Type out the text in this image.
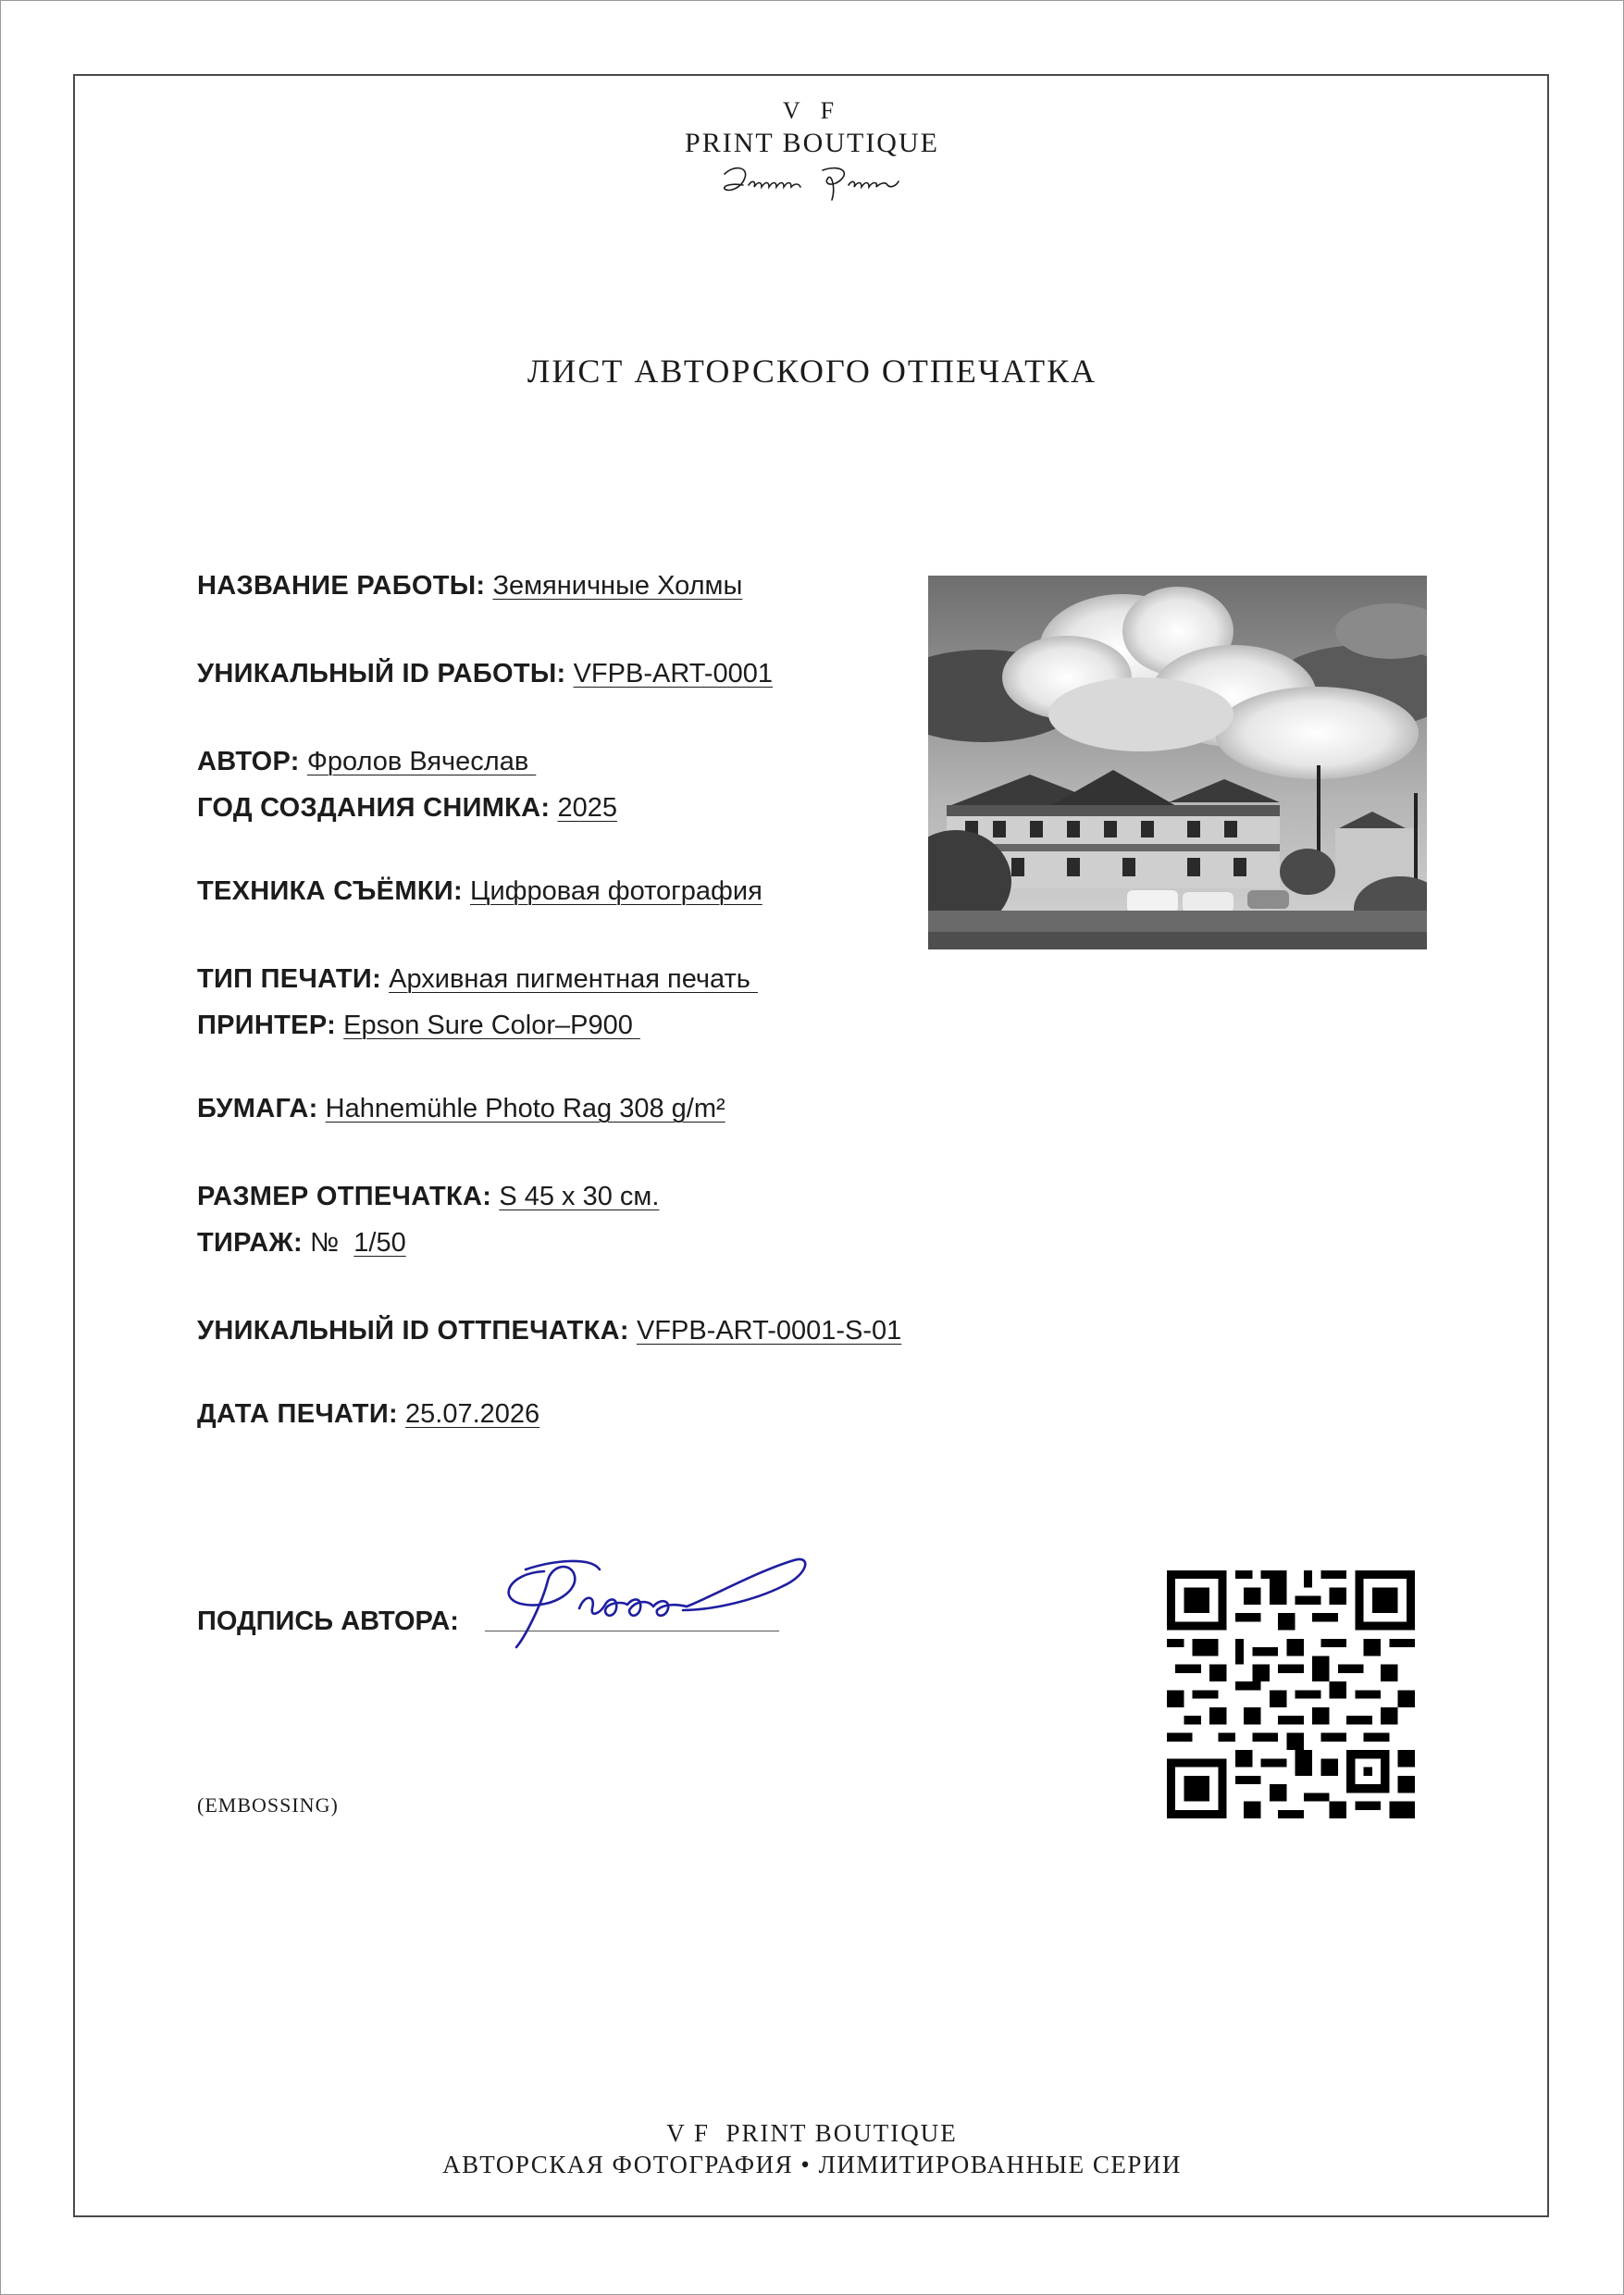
V F
PRINT BOUTIQUE
ЛИСТ АВТОРСКОГО ОТПЕЧАТКА
НАЗВАНИЕ РАБОТЫ: Земяничные Холмы
УНИКАЛЬНЫЙ ID РАБОТЫ: VFPB-ART-0001
АВТОР: Фролов Вячеслав
ГОД СОЗДАНИЯ СНИМКА: 2025
ТЕХНИКА СЪЁМКИ: Цифровая фотография
ТИП ПЕЧАТИ: Архивная пигментная печать
ПРИНТЕР: Epson Sure Color–P900
БУМАГА: Hahnemühle Photo Rag 308 g/m²
РАЗМЕР ОТПЕЧАТКА: S 45 x 30 см.
ТИРАЖ: №  1/50
УНИКАЛЬНЫЙ ID ОТТПЕЧАТКА: VFPB-ART-0001-S-01
ДАТА ПЕЧАТИ: 25.07.2026
ПОДПИСЬ АВТОРА:
(EMBOSSING)
V F  PRINT BOUTIQUE
АВТОРСКАЯ ФОТОГРАФИЯ • ЛИМИТИРОВАННЫЕ СЕРИИ
